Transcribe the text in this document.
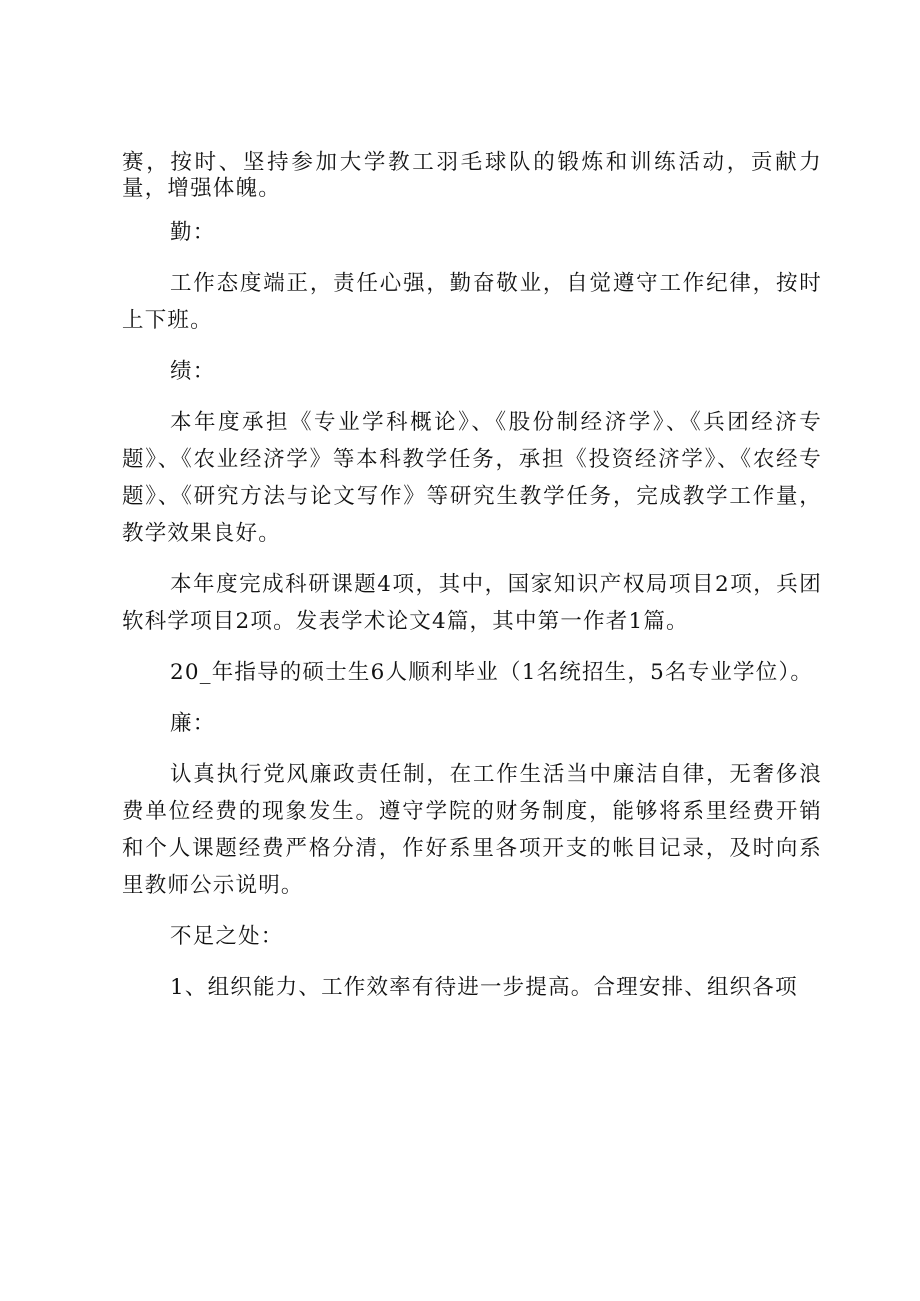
赛，按时、坚持参加大学教工羽毛球队的锻炼和训练活动，贡献力量，增强体魄。

勤：

工作态度端正，责任心强，勤奋敬业，自觉遵守工作纪律，按时上下班。

绩：

本年度承担《专业学科概论》、《股份制经济学》、《兵团经济专题》、《农业经济学》等本科教学任务，承担《投资经济学》、《农经专题》、《研究方法与论文写作》等研究生教学任务，完成教学工作量，教学效果良好。

本年度完成科研课题4项，其中，国家知识产权局项目2项，兵团软科学项目2项。发表学术论文4篇，其中第一作者1篇。

20_年指导的硕士生6人顺利毕业（1名统招生，5名专业学位）。

廉：

认真执行党风廉政责任制，在工作生活当中廉洁自律，无奢侈浪费单位经费的现象发生。遵守学院的财务制度，能够将系里经费开销和个人课题经费严格分清，作好系里各项开支的帐目记录，及时向系里教师公示说明。

不足之处：

1、组织能力、工作效率有待进一步提高。合理安排、组织各项
